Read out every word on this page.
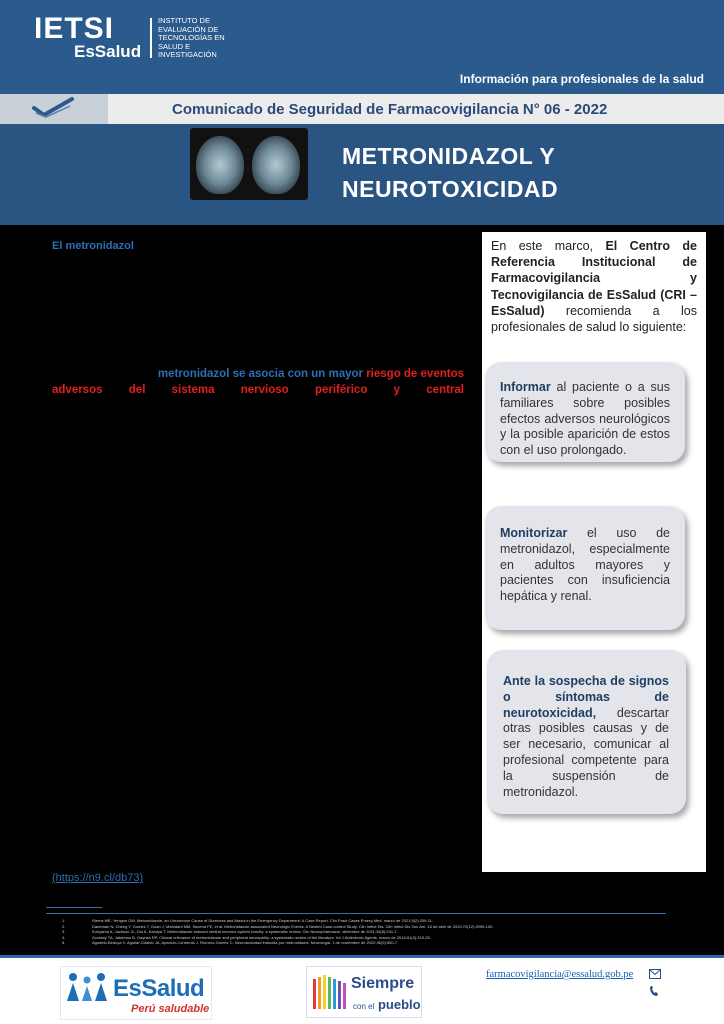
IETSI
EsSalud
INSTITUTO DE EVALUACIÓN DE TECNOLOGÍAS EN SALUD E INVESTIGACIÓN
Información para profesionales de la salud
Comunicado de Seguridad de Farmacovigilancia N° 06 - 2022
METRONIDAZOL Y
NEUROTOXICIDAD
El metronidazol
metronidazol se asocia con un mayor riesgo de eventos
adversos del sistema nervioso periférico y central
(https://n9.cl/db73)
En este marco, El Centro de Referencia Institucional de Farmacovigilancia y Tecnovigilancia de EsSalud (CRI – EsSalud) recomienda a los profesionales de salud lo siguiente:
Informar al paciente o a sus familiares sobre posibles efectos adversos neurológicos y la posible aparición de estos con el uso prolongado.
Monitorizar el uso de metronidazol, especialmente en adultos mayores y pacientes con insuficiencia hepática y renal.
Ante la sospecha de signos o síntomas de neurotoxicidad, descartar otras posibles causas y de ser necesario, comunicar al profesional competente para la suspensión de metronidazol.
1.	Sterns ME, Yenigun OM. Metronidazole, an Uncommon Cause of Dizziness and Ataxia in the Emergency Department: A Case Report. Clin Pract Cases Emerg Med. marzo de 2021;5(2):209-11.
2.	Daneman N, Cheng Y, Gomes T, Guan J, Mamdani MM, Saxena FE, et al. Metronidazole-associated Neurologic Events: A Nested Case-control Study. Clin Infect Dis. Clin Infect Dis Soc Am. 16 de abril de 2020;72(12):2095-100.
3.	Kuriyama A, Jackson JL, Doi A, Kamiya T. Metronidazole-induced central nervous system toxicity: a systematic review. Clin Neuropharmacol. diciembre de 2011;34(6):241-7.
4.	Goolsby TA, Jakeman B, Gaynes RP. Clinical relevance of metronidazole and peripheral neuropathy: a systematic review of the literature. Int J Antimicrob Agents. marzo de 2018;51(3):319-25.
5.	Agudelo-Bedoya V, Aguilar-Giraldo JA, Aparicio-Contreras J, Romero-Gómez C. Neurotoxicidad inducida por metronidazol. Neurologia. 1 de noviembre de 2022;36(9):550-7.
EsSalud
Perú saludable
Siempre
con el pueblo
farmacovigilancia@essalud.gob.pe
